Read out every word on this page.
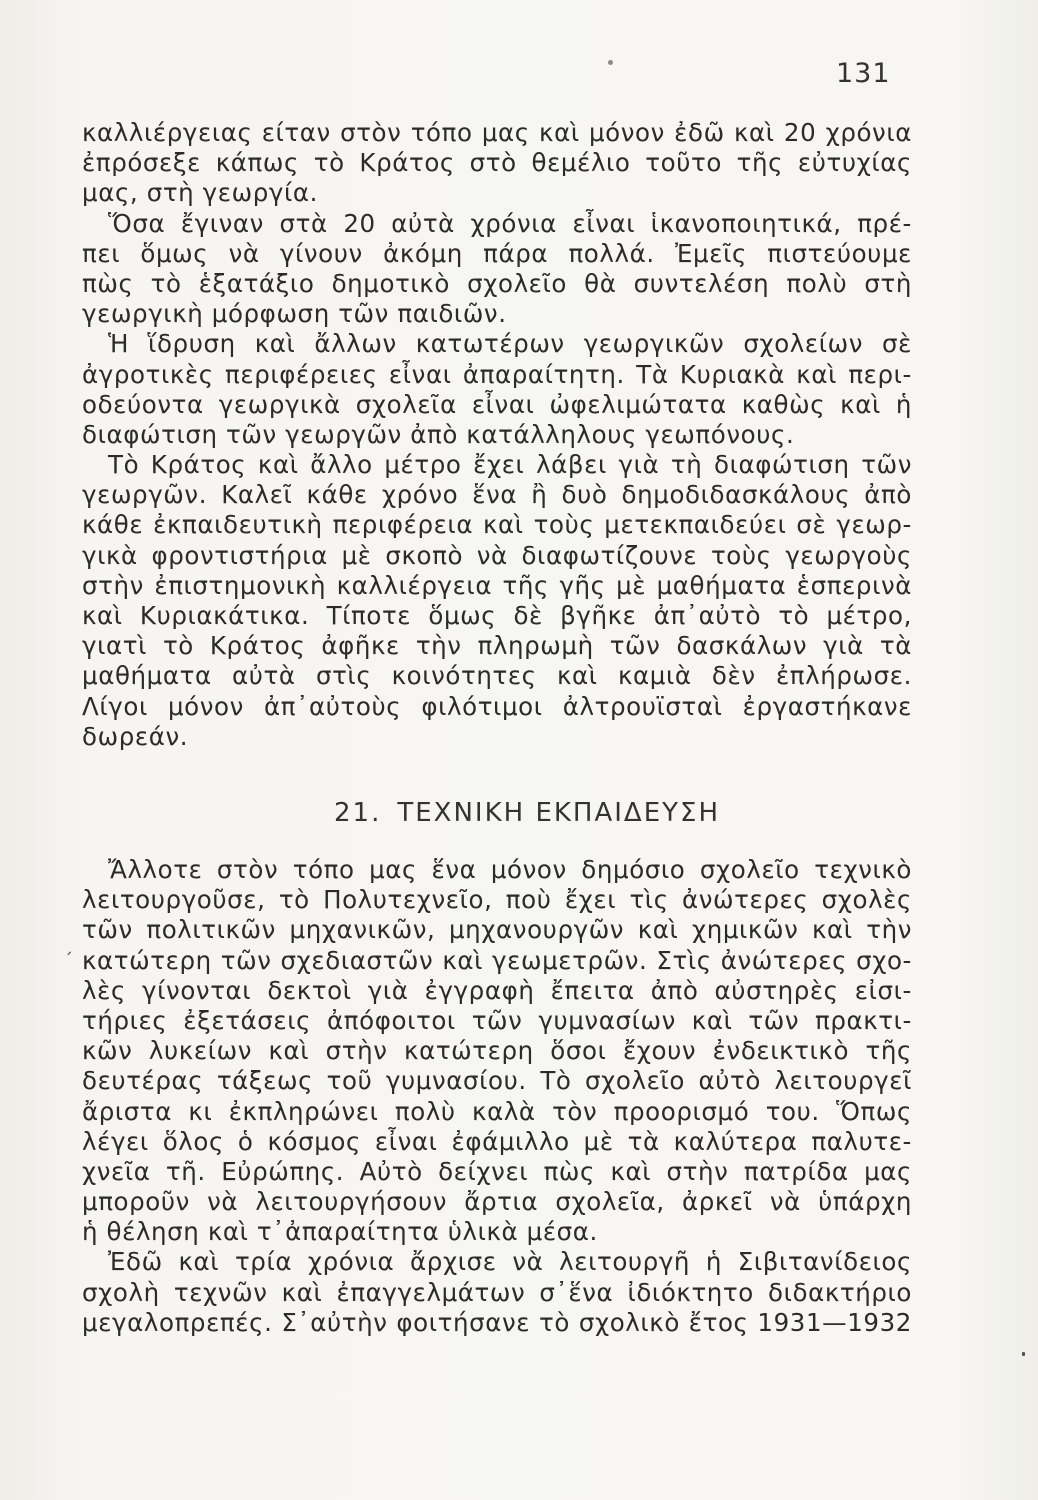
131
καλλιέργειας είταν στὸν τόπο μας καὶ μόνον ἐδῶ καὶ 20 χρόνια
ἐπρόσεξε κάπως τὸ Κράτος στὸ θεμέλιο τοῦτο τῆς εὐτυχίας
μας, στὴ γεωργία.
Ὅσα ἔγιναν στὰ 20 αὐτὰ χρόνια εἶναι ἱκανοποιητικά, πρέ-
πει ὅμως νὰ γίνουν ἀκόμη πάρα πολλά. Ἐμεῖς πιστεύουμε
πὼς τὸ ἑξατάξιο δημοτικὸ σχολεῖο θὰ συντελέση πολὺ στὴ
γεωργικὴ μόρφωση τῶν παιδιῶν.
Ἡ ἵδρυση καὶ ἄλλων κατωτέρων γεωργικῶν σχολείων σὲ
ἀγροτικὲς περιφέρειες εἶναι ἀπαραίτητη. Τὰ Κυριακὰ καὶ περι-
οδεύοντα γεωργικὰ σχολεῖα εἶναι ὠφελιμώτατα καθὼς καὶ ἡ
διαφώτιση τῶν γεωργῶν ἀπὸ κατάλληλους γεωπόνους.
Τὸ Κράτος καὶ ἄλλο μέτρο ἔχει λάβει γιὰ τὴ διαφώτιση τῶν
γεωργῶν. Καλεῖ κάθε χρόνο ἕνα ἢ δυὸ δημοδιδασκάλους ἀπὸ
κάθε ἐκπαιδευτικὴ περιφέρεια καὶ τοὺς μετεκπαιδεύει σὲ γεωρ-
γικὰ φροντιστήρια μὲ σκοπὸ νὰ διαφωτίζουνε τοὺς γεωργοὺς
στὴν ἐπιστημονικὴ καλλιέργεια τῆς γῆς μὲ μαθήματα ἑσπερινὰ
καὶ Κυριακάτικα. Τίποτε ὅμως δὲ βγῆκε ἀπ᾽αὐτὸ τὸ μέτρο,
γιατὶ τὸ Κράτος ἀφῆκε τὴν πληρωμὴ τῶν δασκάλων γιὰ τὰ
μαθήματα αὐτὰ στὶς κοινότητες καὶ καμιὰ δὲν ἐπλήρωσε.
Λίγοι μόνον ἀπ᾽αὐτοὺς φιλότιμοι ἀλτρουϊσταὶ ἐργαστήκανε
δωρεάν.
21. ΤΕΧΝΙΚΗ ΕΚΠΑΙΔΕΥΣΗ
´
Ἄλλοτε στὸν τόπο μας ἕνα μόνον δημόσιο σχολεῖο τεχνικὸ
λειτουργοῦσε, τὸ Πολυτεχνεῖο, ποὺ ἔχει τὶς ἀνώτερες σχολὲς
τῶν πολιτικῶν μηχανικῶν, μηχανουργῶν καὶ χημικῶν καὶ τὴν
κατώτερη τῶν σχεδιαστῶν καὶ γεωμετρῶν. Στὶς ἀνώτερες σχο-
λὲς γίνονται δεκτοὶ γιὰ ἐγγραφὴ ἔπειτα ἀπὸ αὐστηρὲς εἰσι-
τήριες ἐξετάσεις ἀπόφοιτοι τῶν γυμνασίων καὶ τῶν πρακτι-
κῶν λυκείων καὶ στὴν κατώτερη ὅσοι ἔχουν ἐνδεικτικὸ τῆς
δευτέρας τάξεως τοῦ γυμνασίου. Τὸ σχολεῖο αὐτὸ λειτουργεῖ
ἄριστα κι ἐκπληρώνει πολὺ καλὰ τὸν προορισμό του. Ὅπως
λέγει ὅλος ὁ κόσμος εἶναι ἐφάμιλλο μὲ τὰ καλύτερα παλυτε-
χνεῖα τῆ. Εὐρώπης. Αὐτὸ δείχνει πὼς καὶ στὴν πατρίδα μας
μποροῦν νὰ λειτουργήσουν ἄρτια σχολεῖα, ἀρκεῖ νὰ ὑπάρχη
ἡ θέληση καὶ τ᾽ἀπαραίτητα ὑλικὰ μέσα.
Ἐδῶ καὶ τρία χρόνια ἄρχισε νὰ λειτουργῆ ἡ Σιβιτανίδειος
σχολὴ τεχνῶν καὶ ἐπαγγελμάτων σ᾽ἕνα ἰδιόκτητο διδακτήριο
μεγαλοπρεπές. Σ᾽αὐτὴν φοιτήσανε τὸ σχολικὸ ἔτος 1931—1932
